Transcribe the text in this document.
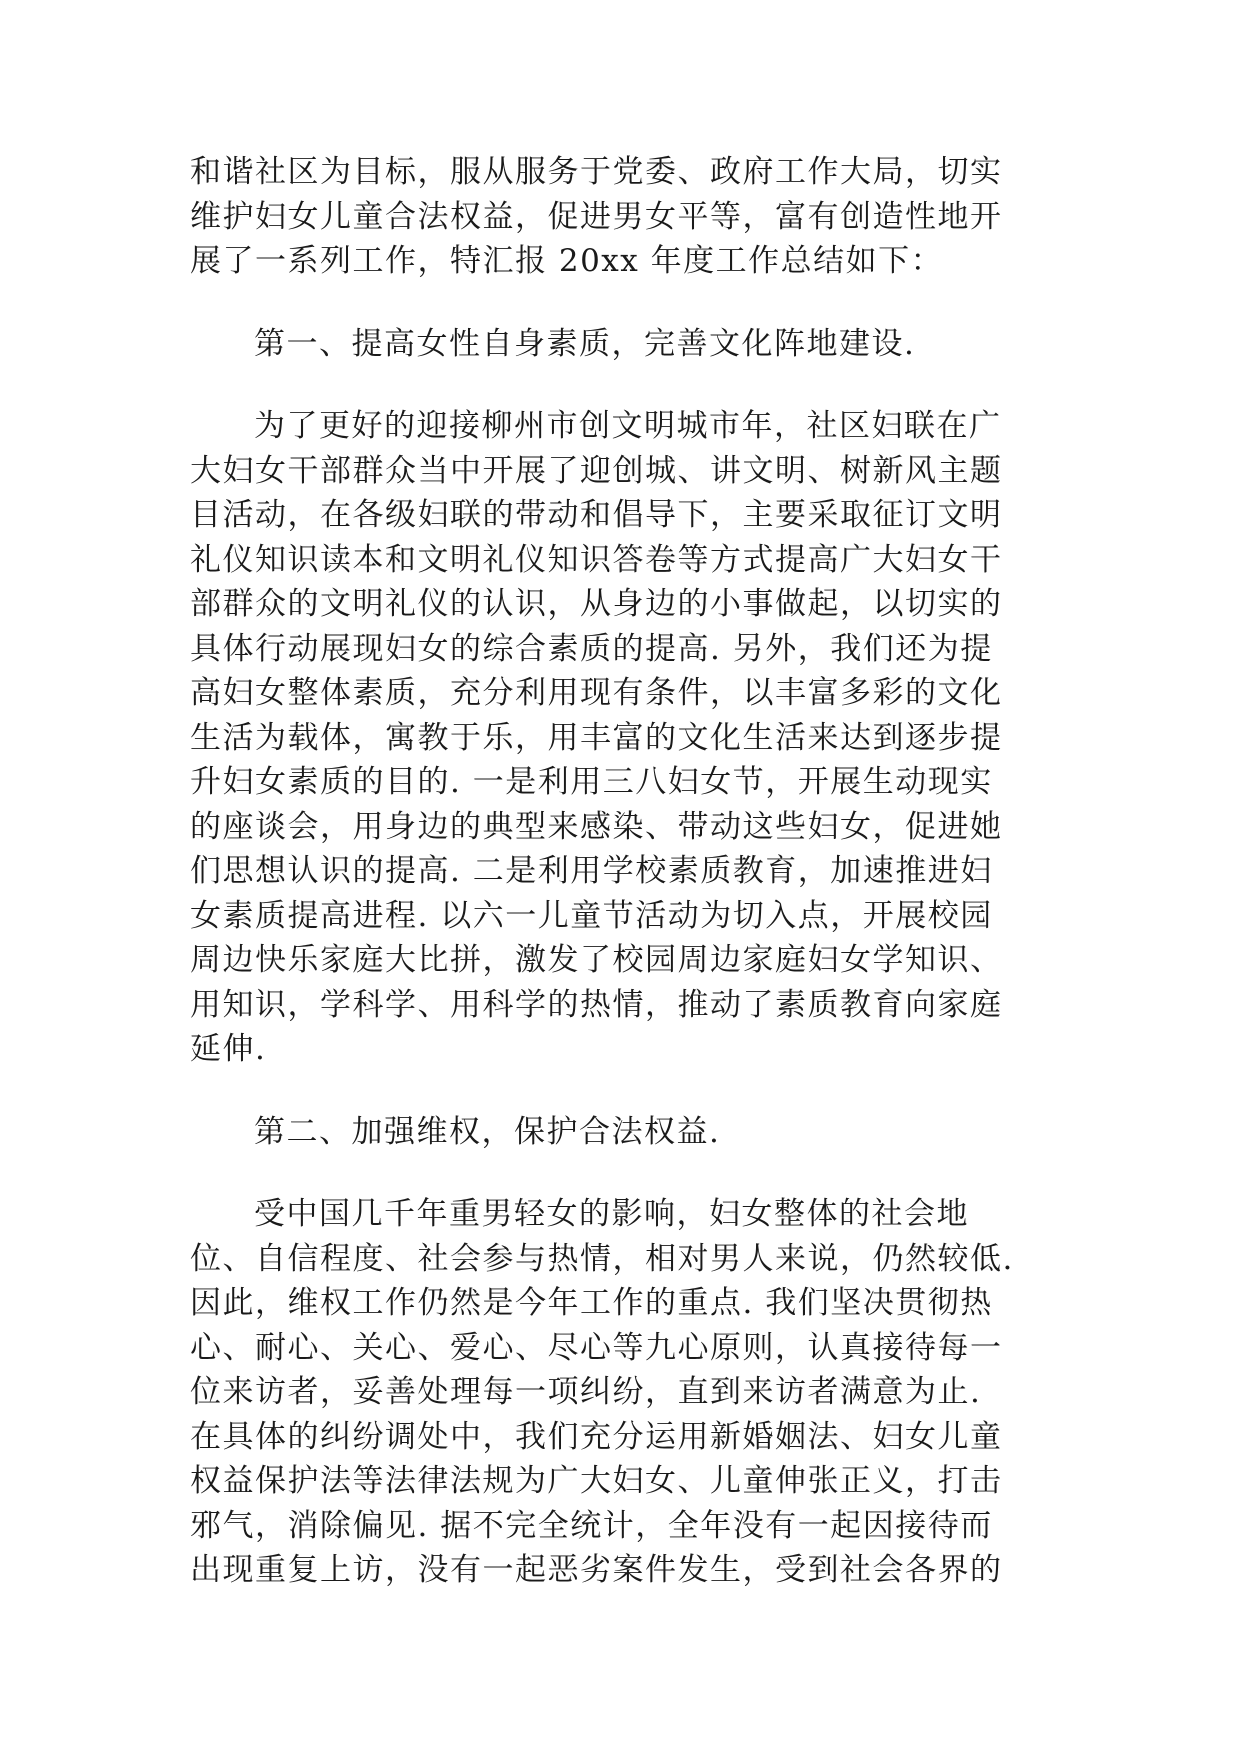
和谐社区为目标，服从服务于党委、政府工作大局，切实
维护妇女儿童合法权益，促进男女平等，富有创造性地开
展了一系列工作，特汇报 20xx 年度工作总结如下：
第一、提高女性自身素质，完善文化阵地建设.
为了更好的迎接柳州市创文明城市年，社区妇联在广
大妇女干部群众当中开展了迎创城、讲文明、树新风主题
目活动，在各级妇联的带动和倡导下，主要采取征订文明
礼仪知识读本和文明礼仪知识答卷等方式提高广大妇女干
部群众的文明礼仪的认识，从身边的小事做起，以切实的
具体行动展现妇女的综合素质的提高. 另外，我们还为提
高妇女整体素质，充分利用现有条件，以丰富多彩的文化
生活为载体，寓教于乐，用丰富的文化生活来达到逐步提
升妇女素质的目的. 一是利用三八妇女节，开展生动现实
的座谈会，用身边的典型来感染、带动这些妇女，促进她
们思想认识的提高. 二是利用学校素质教育，加速推进妇
女素质提高进程. 以六一儿童节活动为切入点，开展校园
周边快乐家庭大比拼，激发了校园周边家庭妇女学知识、
用知识，学科学、用科学的热情，推动了素质教育向家庭
延伸.
第二、加强维权，保护合法权益.
受中国几千年重男轻女的影响，妇女整体的社会地
位、自信程度、社会参与热情，相对男人来说，仍然较低.
因此，维权工作仍然是今年工作的重点. 我们坚决贯彻热
心、耐心、关心、爱心、尽心等九心原则，认真接待每一
位来访者，妥善处理每一项纠纷，直到来访者满意为止.
在具体的纠纷调处中，我们充分运用新婚姻法、妇女儿童
权益保护法等法律法规为广大妇女、儿童伸张正义，打击
邪气，消除偏见. 据不完全统计，全年没有一起因接待而
出现重复上访，没有一起恶劣案件发生，受到社会各界的
